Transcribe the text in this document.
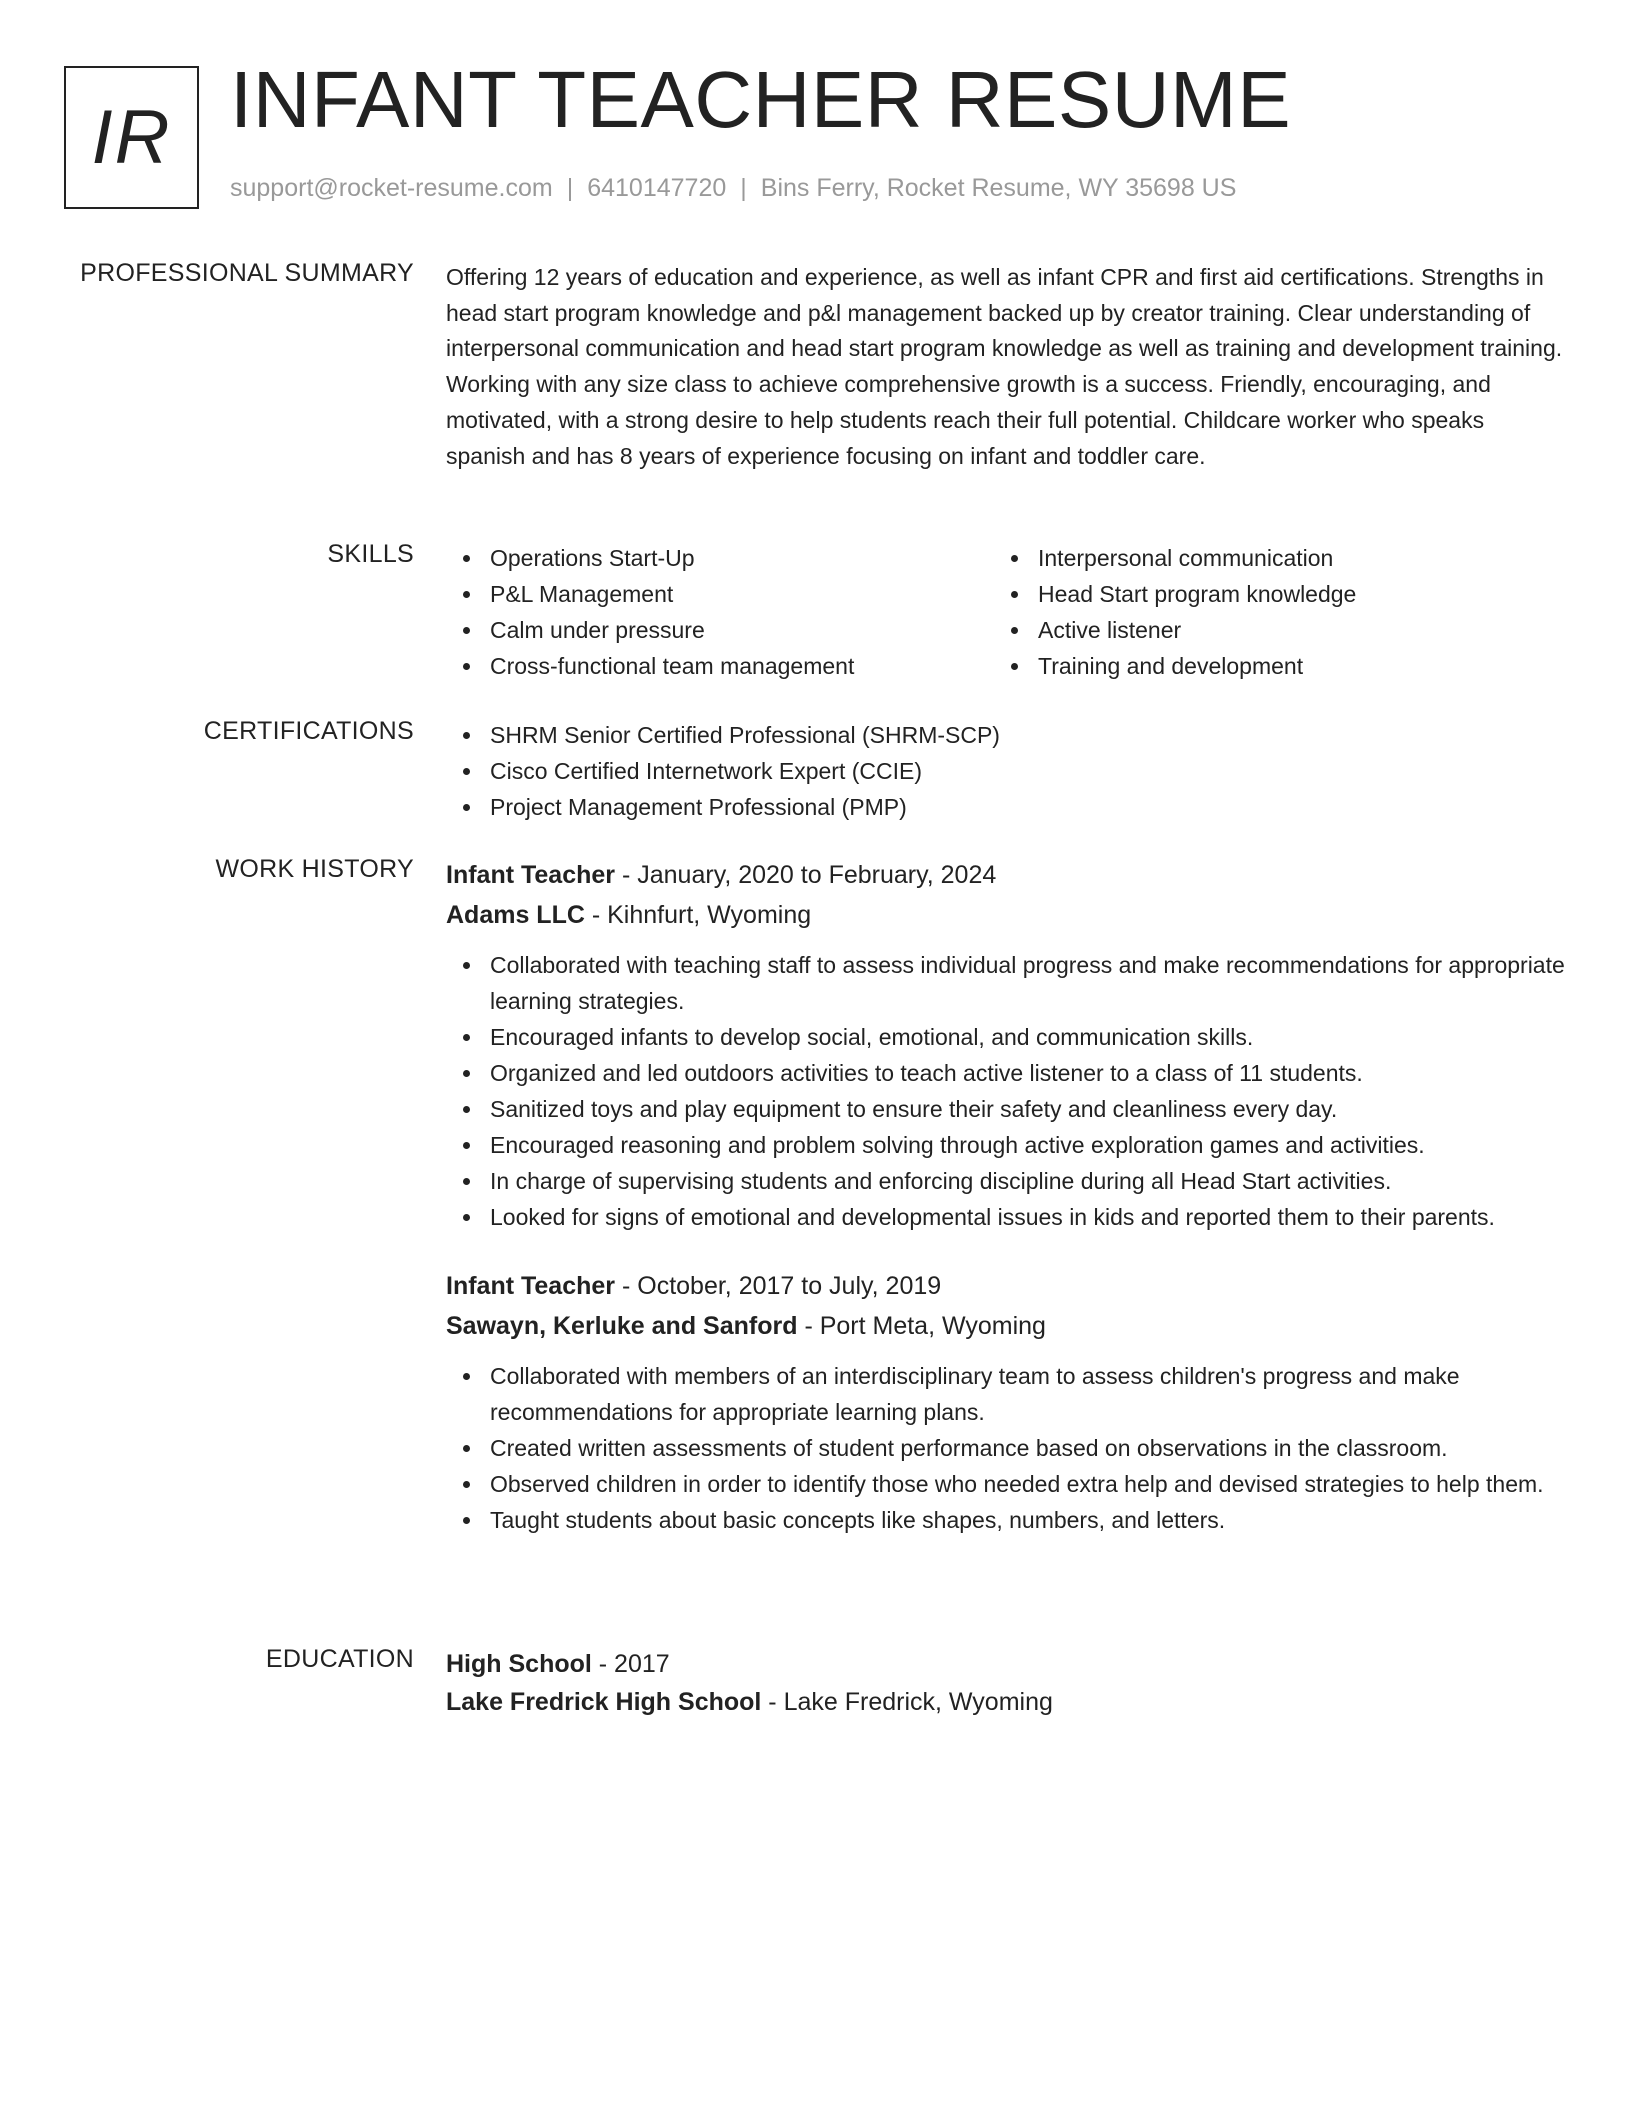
IR INFANT TEACHER RESUME
support@rocket-resume.com | 6410147720 | Bins Ferry, Rocket Resume, WY 35698 US
PROFESSIONAL SUMMARY Offering 12 years of education and experience, as well as infant CPR and first aid certifications. Strengths in head start program knowledge and p&l management backed up by creator training. Clear understanding of interpersonal communication and head start program knowledge as well as training and development training. Working with any size class to achieve comprehensive growth is a success. Friendly, encouraging, and motivated, with a strong desire to help students reach their full potential. Childcare worker who speaks spanish and has 8 years of experience focusing on infant and toddler care.
SKILLS	Operations Start-Up
P&L Management
Calm under pressure
Cross-functional team management
Interpersonal communication
Head Start program knowledge
Active listener
Training and development
CERTIFICATIONS	SHRM Senior Certified Professional (SHRM-SCP)
Cisco Certified Internetwork Expert (CCIE)
Project Management Professional (PMP)
WORK HISTORY Infant Teacher - January, 2020 to February, 2024
Adams LLC - Kihnfurt, Wyoming
Collaborated with teaching staff to assess individual progress and make recommendations for appropriate learning strategies.
Encouraged infants to develop social, emotional, and communication skills.
Organized and led outdoors activities to teach active listener to a class of 11 students.
Sanitized toys and play equipment to ensure their safety and cleanliness every day.
Encouraged reasoning and problem solving through active exploration games and activities.
In charge of supervising students and enforcing discipline during all Head Start activities.
Looked for signs of emotional and developmental issues in kids and reported them to their parents.
Infant Teacher - October, 2017 to July, 2019
Sawayn, Kerluke and Sanford - Port Meta, Wyoming
Collaborated with members of an interdisciplinary team to assess children's progress and make recommendations for appropriate learning plans.
Created written assessments of student performance based on observations in the classroom.
Observed children in order to identify those who needed extra help and devised strategies to help them.
Taught students about basic concepts like shapes, numbers, and letters.
EDUCATION High School - 2017
Lake Fredrick High School - Lake Fredrick, Wyoming
